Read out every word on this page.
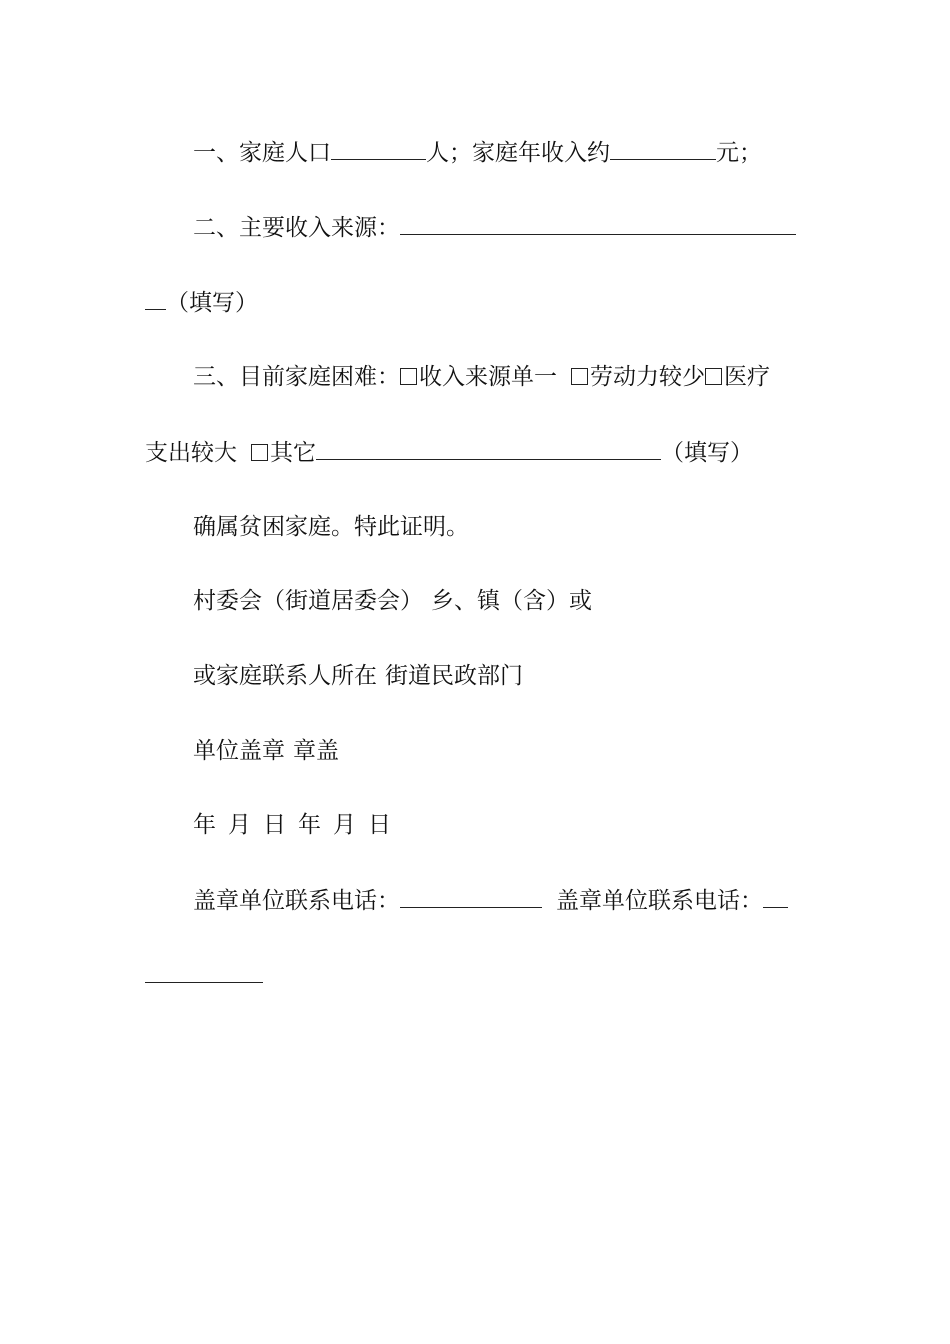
一、家庭人口	人；家庭年收入约	元；
二、主要收入来源：
（填写）
三、目前家庭困难： 收入来源单一 劳动力较少 医疗
支出较大 其它	（填写）
确属贫困家庭。特此证明。
村委会（街道居委会） 乡、镇（含）或
或家庭联系人所在 街道民政部门
单位盖章 章盖
年 月 日 年 月 日
盖章单位联系电话：	盖章单位联系电话：
